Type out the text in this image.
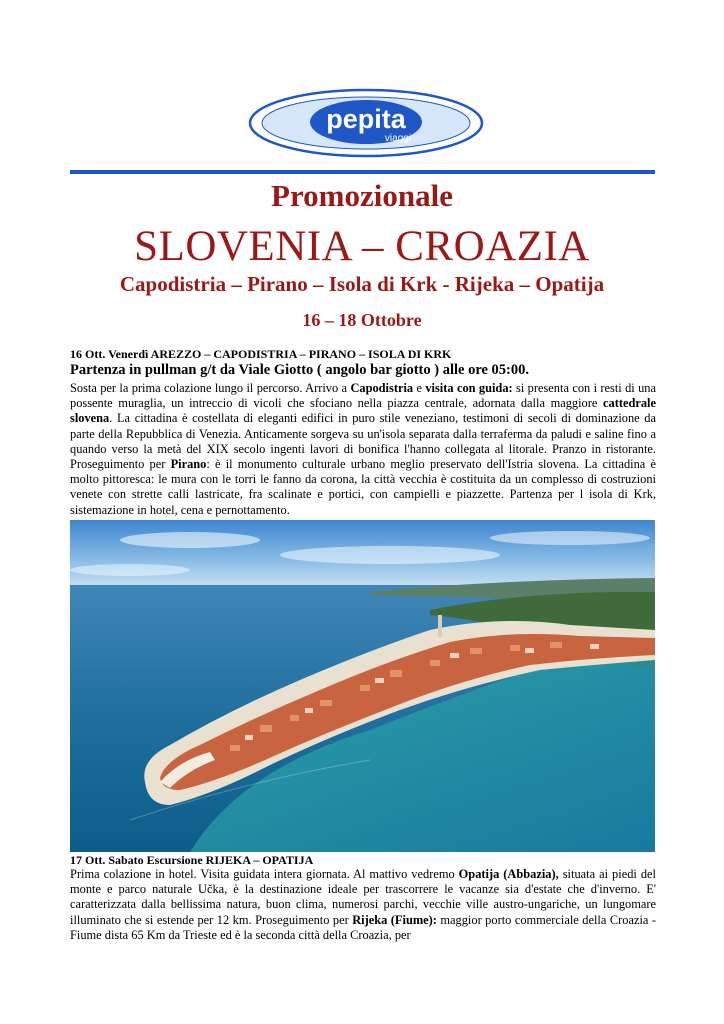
pepita
viaggi
Promozionale
SLOVENIA – CROAZIA
Capodistria – Pirano – Isola di Krk - Rijeka – Opatija
16 – 18 Ottobre
16 Ott. Venerdì AREZZO – CAPODISTRIA – PIRANO – ISOLA DI KRK
Partenza in pullman g/t da Viale Giotto ( angolo bar giotto ) alle ore 05:00.
Sosta per la prima colazione lungo il percorso. Arrivo a Capodistria e visita con guida: si presenta con i resti di una possente muraglia, un intreccio di vicoli che sfociano nella piazza centrale, adornata dalla maggiore cattedrale slovena. La cittadina è costellata di eleganti edifici in puro stile veneziano, testimoni di secoli di dominazione da parte della Repubblica di Venezia. Anticamente sorgeva su un'isola separata dalla terraferma da paludi e saline fino a quando verso la metà del XIX secolo ingenti lavori di bonifica l'hanno collegata al litorale. Pranzo in ristorante. Proseguimento per Pirano: è il monumento culturale urbano meglio preservato dell'Istria slovena. La cittadina è molto pittoresca: le mura con le torri le fanno da corona, la città vecchia è costituita da un complesso di costruzioni venete con strette calli lastricate, fra scalinate e portici, con campielli e piazzette. Partenza per l isola di Krk, sistemazione in hotel, cena e pernottamento.
17 Ott. Sabato Escursione RIJEKA – OPATIJA
Prima colazione in hotel. Visita guidata intera giornata. Al mattivo vedremo Opatija (Abbazia), situata ai piedi del monte e parco naturale Učka, è la destinazione ideale per trascorrere le vacanze sia d'estate che d'inverno. E' caratterizzata dalla bellissima natura, buon clima, numerosi parchi, vecchie ville austro-ungariche, un lungomare illuminato che si estende per 12 km. Proseguimento per Rijeka (Fiume): maggior porto commerciale della Croazia - Fiume dista 65 Km da Trieste ed è la seconda città della Croazia, per
